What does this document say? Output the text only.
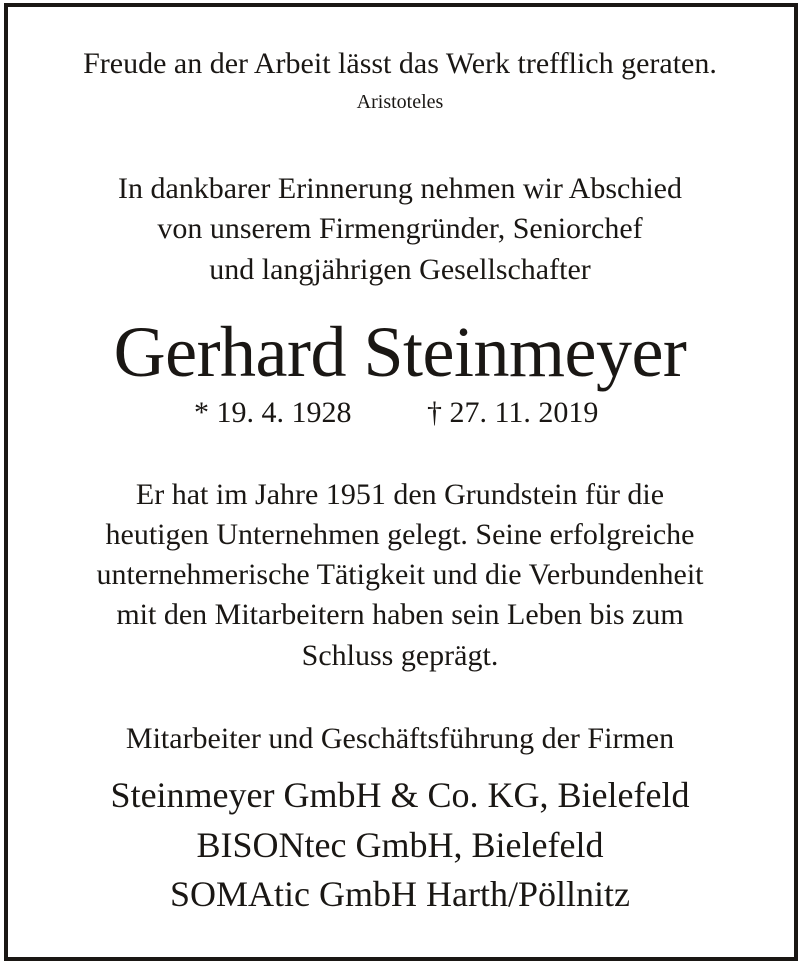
Freude an der Arbeit lässt das Werk trefflich geraten.
Aristoteles
In dankbarer Erinnerung nehmen wir Abschied
von unserem Firmengründer, Seniorchef
und langjährigen Gesellschafter
Gerhard Steinmeyer
* 19. 4. 1928	† 27. 11. 2019
Er hat im Jahre 1951 den Grundstein für die
heutigen Unternehmen gelegt. Seine erfolgreiche
unternehmerische Tätigkeit und die Verbundenheit
mit den Mitarbeitern haben sein Leben bis zum
Schluss geprägt.
Mitarbeiter und Geschäftsführung der Firmen
Steinmeyer GmbH & Co. KG, Bielefeld
BISONtec GmbH, Bielefeld
SOMAtic GmbH Harth/Pöllnitz
